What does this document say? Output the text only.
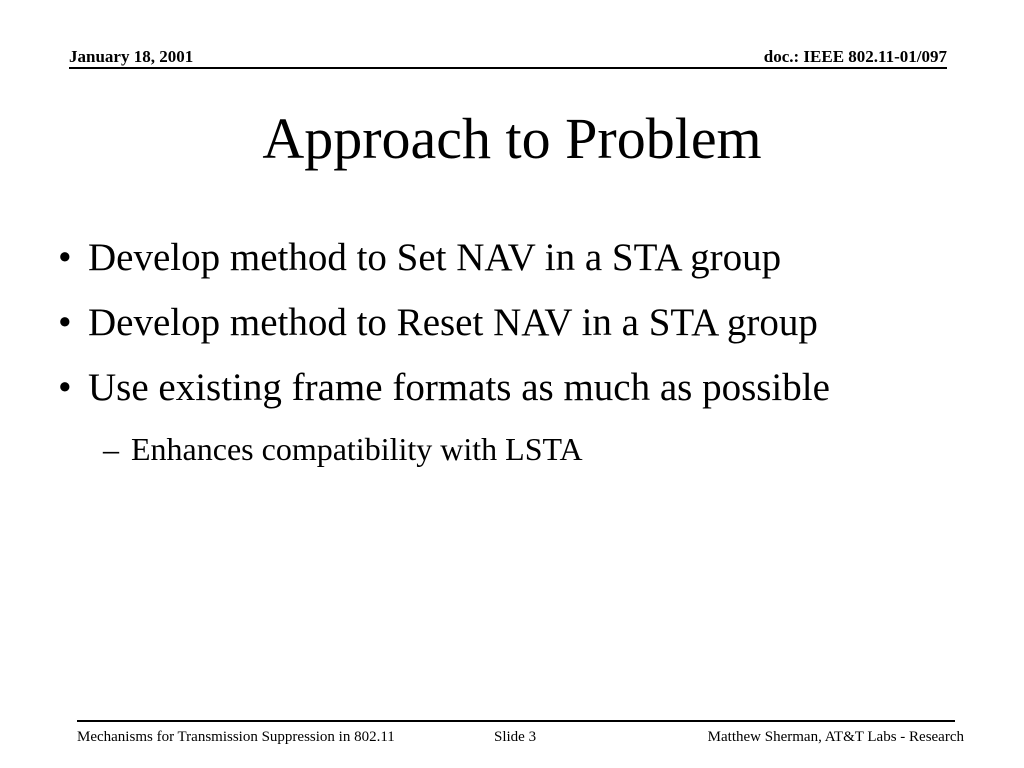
January 18, 2001	doc.: IEEE 802.11-01/097
Approach to Problem
• Develop method to Set NAV in a STA group
• Develop method to Reset NAV in a STA group
• Use existing frame formats as much as possible
– Enhances compatibility with LSTA
Mechanisms for Transmission Suppression in 802.11	Slide 3	Matthew Sherman, AT&T Labs - Research
